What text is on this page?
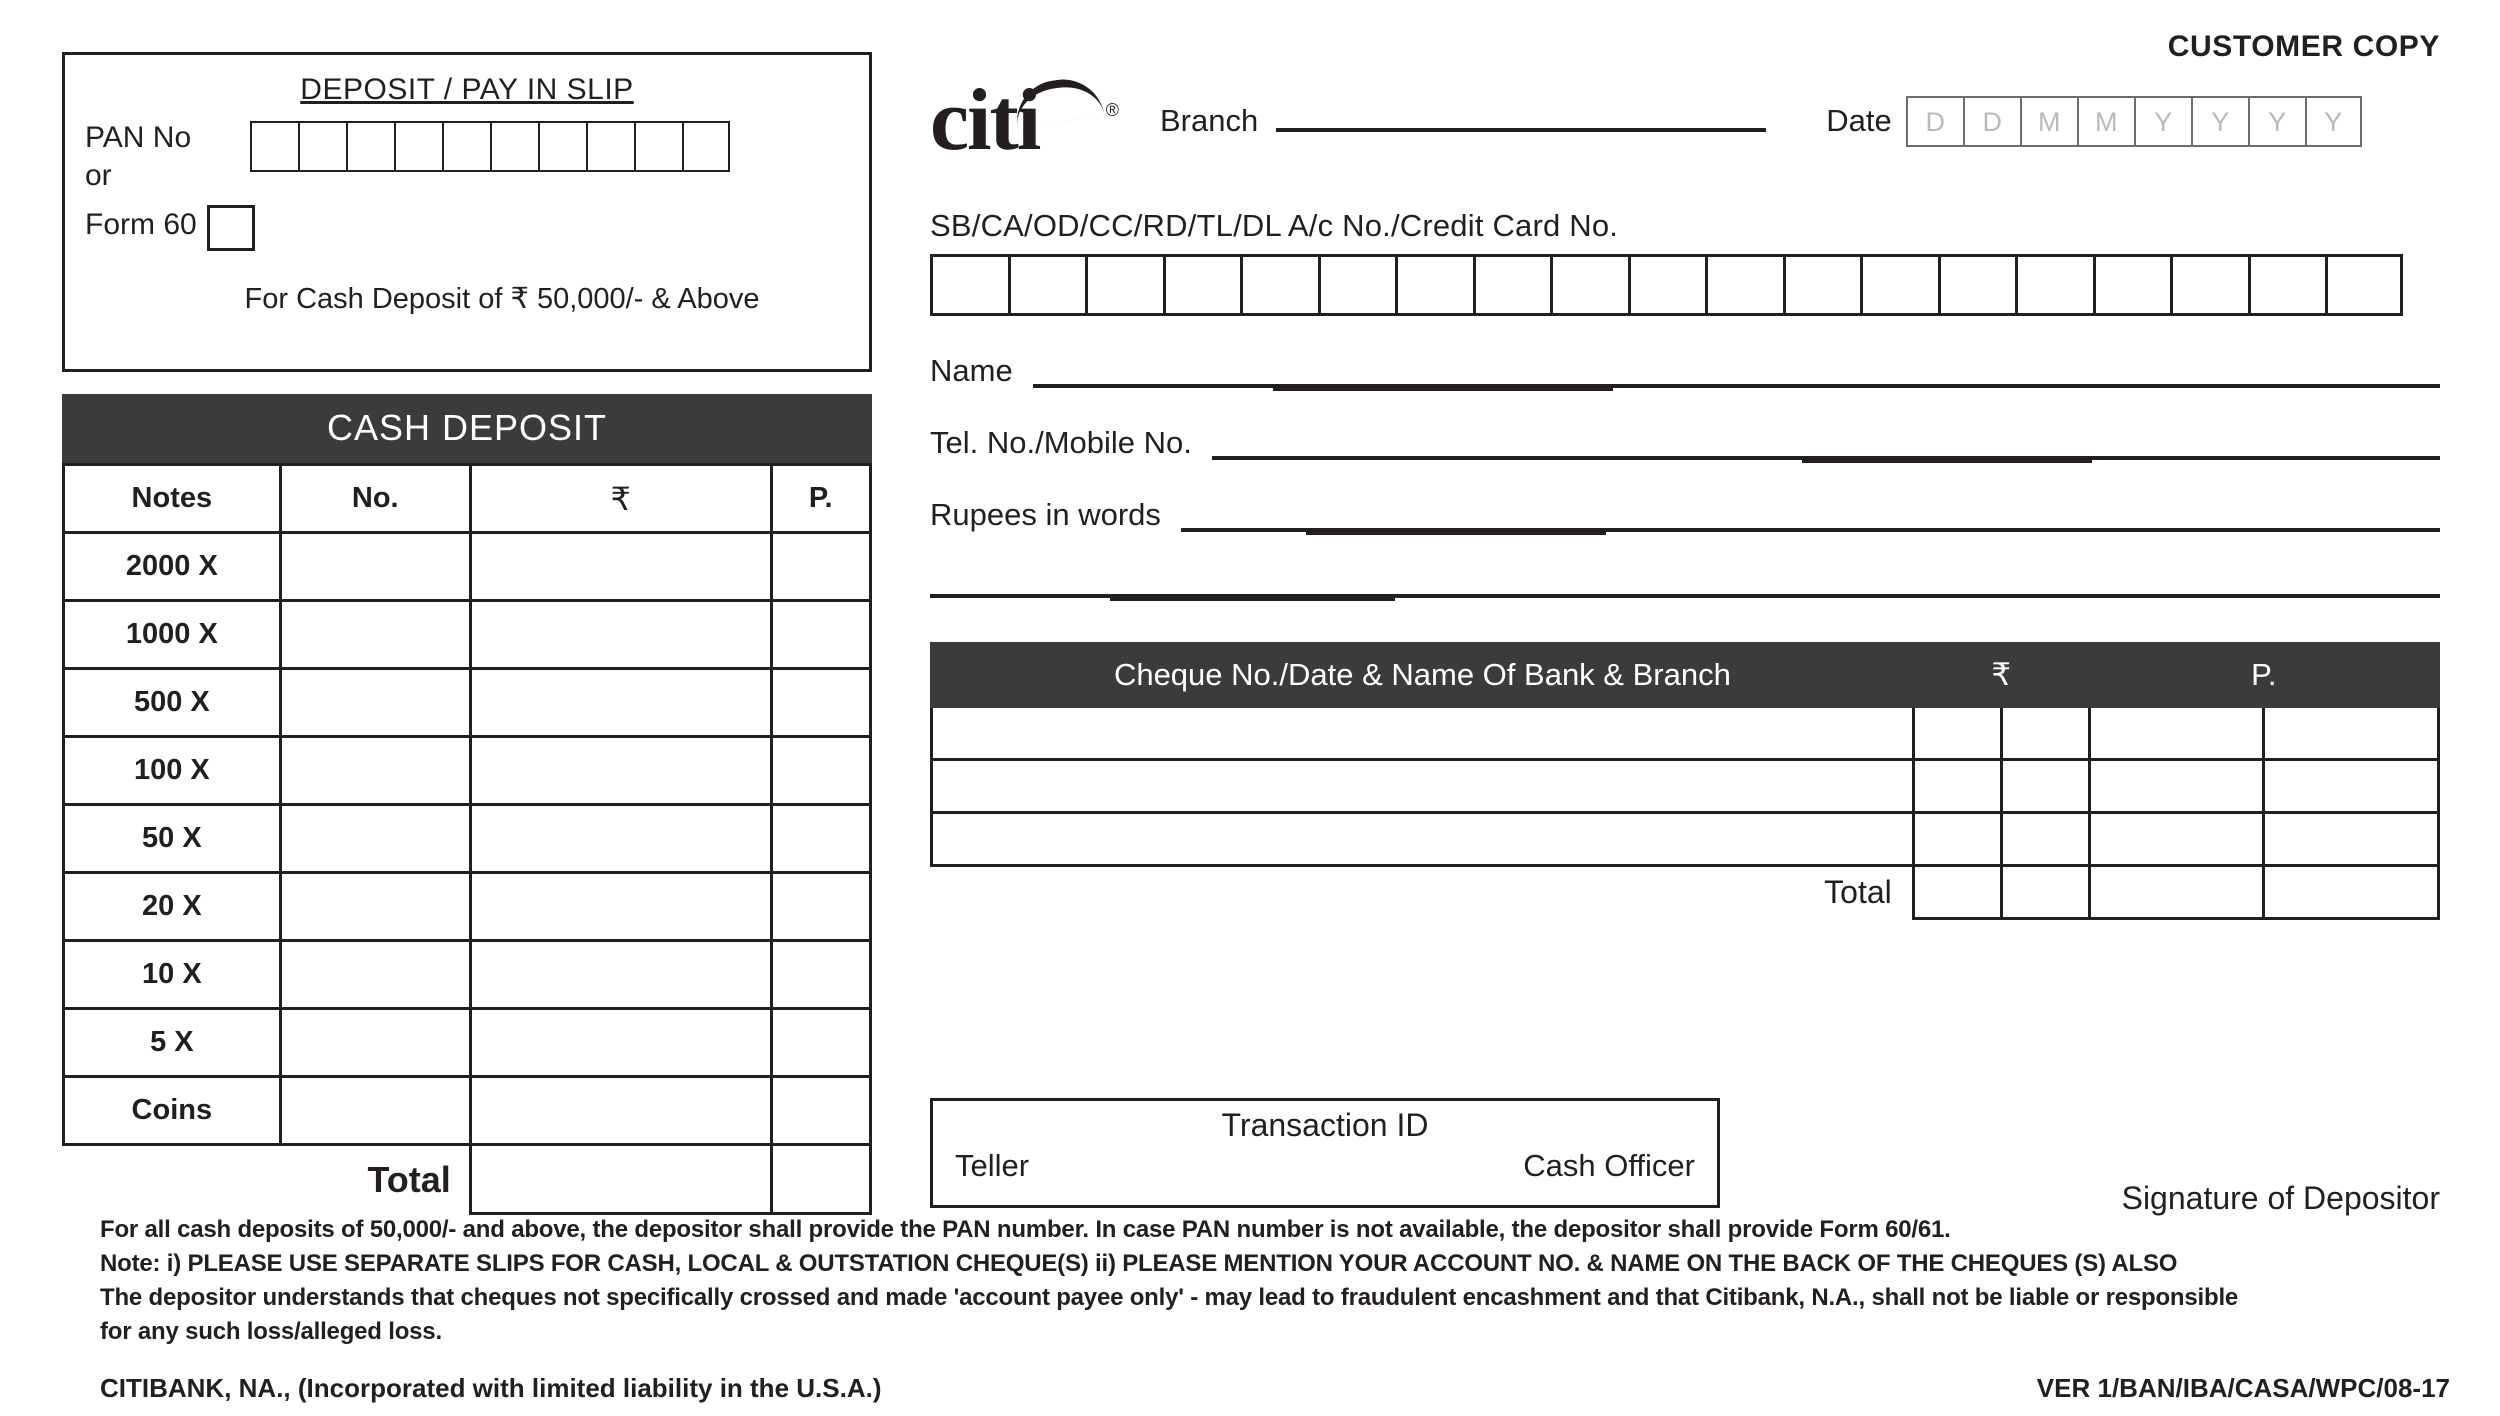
DEPOSIT / PAY IN SLIP
PAN No
or
Form 60
For Cash Deposit of ₹ 50,000/- & Above
CASH DEPOSIT
Notes	No.	₹	P.
2000 X			
1000 X			
500 X			
100 X			
50 X			
20 X			
10 X			
5 X			
Coins			
Total			
CUSTOMER COPY
citi	® Branch	Date	D	D	M	M	Y	Y	Y	Y
SB/CA/OD/CC/RD/TL/DL A/c No./Credit Card No.
Name
Tel. No./Mobile No.
Rupees in words
Cheque No./Date & Name Of Bank & Branch	₹		P.	

Total				
Transaction ID
Teller	Cash Officer
Signature of Depositor

For all cash deposits of 50,000/- and above, the depositor shall provide the PAN number. In case PAN number is not available, the depositor shall provide Form 60/61.

Note: i) PLEASE USE SEPARATE SLIPS FOR CASH, LOCAL & OUTSTATION CHEQUE(S) ii) PLEASE MENTION YOUR ACCOUNT NO. & NAME ON THE BACK OF THE CHEQUES (S) ALSO

The depositor understands that cheques not specifically crossed and made 'account payee only' - may lead to fraudulent encashment and that Citibank, N.A., shall not be liable or responsible

for any such loss/alleged loss.

CITIBANK, NA., (Incorporated with limited liability in the U.S.A.)	VER 1/BAN/IBA/CASA/WPC/08-17
